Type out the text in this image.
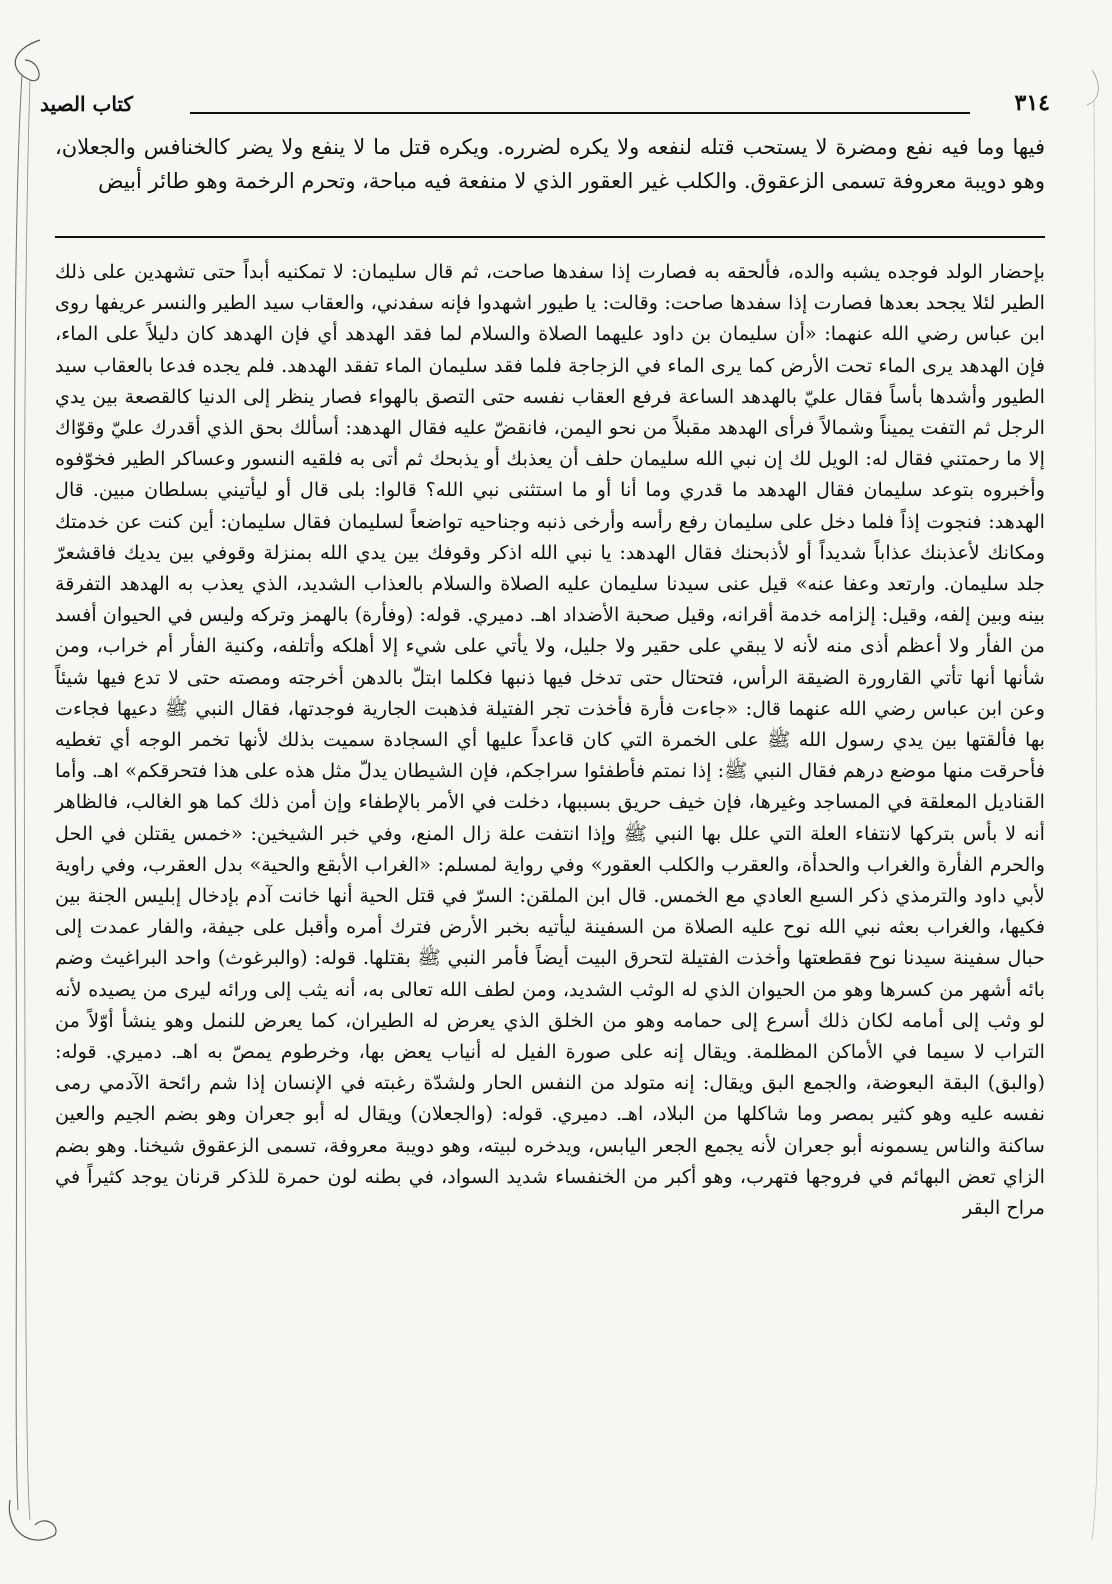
٣١٤
كتاب الصيد
فيها وما فيه نفع ومضرة لا يستحب قتله لنفعه ولا يكره لضرره. ويكره قتل ما لا ينفع ولا يضر كالخنافس والجعلان، وهو دويبة معروفة تسمى الزعقوق. والكلب غير العقور الذي لا منفعة فيه مباحة، وتحرم الرخمة وهو طائر أبيض
بإحضار الولد فوجده يشبه والده، فألحقه به فصارت إذا سفدها صاحت، ثم قال سليمان: لا تمكنيه أبداً حتى تشهدين على ذلك الطير لئلا يجحد بعدها فصارت إذا سفدها صاحت: وقالت: يا طيور اشهدوا فإنه سفدني، والعقاب سيد الطير والنسر عريفها روى ابن عباس رضي الله عنهما: «أن سليمان بن داود عليهما الصلاة والسلام لما فقد الهدهد أي فإن الهدهد كان دليلاً على الماء، فإن الهدهد يرى الماء تحت الأرض كما يرى الماء في الزجاجة فلما فقد سليمان الماء تفقد الهدهد. فلم يجده فدعا بالعقاب سيد الطيور وأشدها بأساً فقال عليّ بالهدهد الساعة فرفع العقاب نفسه حتى التصق بالهواء فصار ينظر إلى الدنيا كالقصعة بين يدي الرجل ثم التفت يميناً وشمالاً فرأى الهدهد مقبلاً من نحو اليمن، فانقضّ عليه فقال الهدهد: أسألك بحق الذي أقدرك عليّ وقوّاك إلا ما رحمتني فقال له: الويل لك إن نبي الله سليمان حلف أن يعذبك أو يذبحك ثم أتى به فلقيه النسور وعساكر الطير فخوّفوه وأخبروه بتوعد سليمان فقال الهدهد ما قدري وما أنا أو ما استثنى نبي الله؟ قالوا: بلى قال أو ليأتيني بسلطان مبين. قال الهدهد: فنجوت إذاً فلما دخل على سليمان رفع رأسه وأرخى ذنبه وجناحيه تواضعاً لسليمان فقال سليمان: أين كنت عن خدمتك ومكانك لأعذبنك عذاباً شديداً أو لأذبحنك فقال الهدهد: يا نبي الله اذكر وقوفك بين يدي الله بمنزلة وقوفي بين يديك فاقشعرّ جلد سليمان. وارتعد وعفا عنه» قيل عنى سيدنا سليمان عليه الصلاة والسلام بالعذاب الشديد، الذي يعذب به الهدهد التفرقة بينه وبين إلفه، وقيل: إلزامه خدمة أقرانه، وقيل صحبة الأضداد اهـ. دميري. قوله: (وفأرة) بالهمز وتركه وليس في الحيوان أفسد من الفأر ولا أعظم أذى منه لأنه لا يبقي على حقير ولا جليل، ولا يأتي على شيء إلا أهلكه وأتلفه، وكنية الفأر أم خراب، ومن شأنها أنها تأتي القارورة الضيقة الرأس، فتحتال حتى تدخل فيها ذنبها فكلما ابتلّ بالدهن أخرجته ومصته حتى لا تدع فيها شيئاً وعن ابن عباس رضي الله عنهما قال: «جاءت فأرة فأخذت تجر الفتيلة فذهبت الجارية فوجدتها، فقال النبي ﷺ دعيها فجاءت بها فألقتها بين يدي رسول الله ﷺ على الخمرة التي كان قاعداً عليها أي السجادة سميت بذلك لأنها تخمر الوجه أي تغطيه فأحرقت منها موضع درهم فقال النبي ﷺ: إذا نمتم فأطفئوا سراجكم، فإن الشيطان يدلّ مثل هذه على هذا فتحرقكم» اهـ. وأما القناديل المعلقة في المساجد وغيرها، فإن خيف حريق بسببها، دخلت في الأمر بالإطفاء وإن أمن ذلك كما هو الغالب، فالظاهر أنه لا بأس بتركها لانتفاء العلة التي علل بها النبي ﷺ وإذا انتفت علة زال المنع، وفي خبر الشيخين: «خمس يقتلن في الحل والحرم الفأرة والغراب والحدأة، والعقرب والكلب العقور» وفي رواية لمسلم: «الغراب الأبقع والحية» بدل العقرب، وفي راوية لأبي داود والترمذي ذكر السبع العادي مع الخمس. قال ابن الملقن: السرّ في قتل الحية أنها خانت آدم بإدخال إبليس الجنة بين فكيها، والغراب بعثه نبي الله نوح عليه الصلاة من السفينة ليأتيه بخبر الأرض فترك أمره وأقبل على جيفة، والفار عمدت إلى حبال سفينة سيدنا نوح فقطعتها وأخذت الفتيلة لتحرق البيت أيضاً فأمر النبي ﷺ بقتلها. قوله: (والبرغوث) واحد البراغيث وضم بائه أشهر من كسرها وهو من الحيوان الذي له الوثب الشديد، ومن لطف الله تعالى به، أنه يثب إلى ورائه ليرى من يصيده لأنه لو وثب إلى أمامه لكان ذلك أسرع إلى حمامه وهو من الخلق الذي يعرض له الطيران، كما يعرض للنمل وهو ينشأ أوّلاً من التراب لا سيما في الأماكن المظلمة. ويقال إنه على صورة الفيل له أنياب يعض بها، وخرطوم يمصّ به اهـ. دميري. قوله: (والبق) البقة البعوضة، والجمع البق ويقال: إنه متولد من النفس الحار ولشدّة رغبته في الإنسان إذا شم رائحة الآدمي رمى نفسه عليه وهو كثير بمصر وما شاكلها من البلاد، اهـ. دميري. قوله: (والجعلان) ويقال له أبو جعران وهو بضم الجيم والعين ساكنة والناس يسمونه أبو جعران لأنه يجمع الجعر اليابس، ويدخره لبيته، وهو دويبة معروفة، تسمى الزعقوق شيخنا. وهو بضم الزاي تعض البهائم في فروجها فتهرب، وهو أكبر من الخنفساء شديد السواد، في بطنه لون حمرة للذكر قرنان يوجد كثيراً في مراح البقر
